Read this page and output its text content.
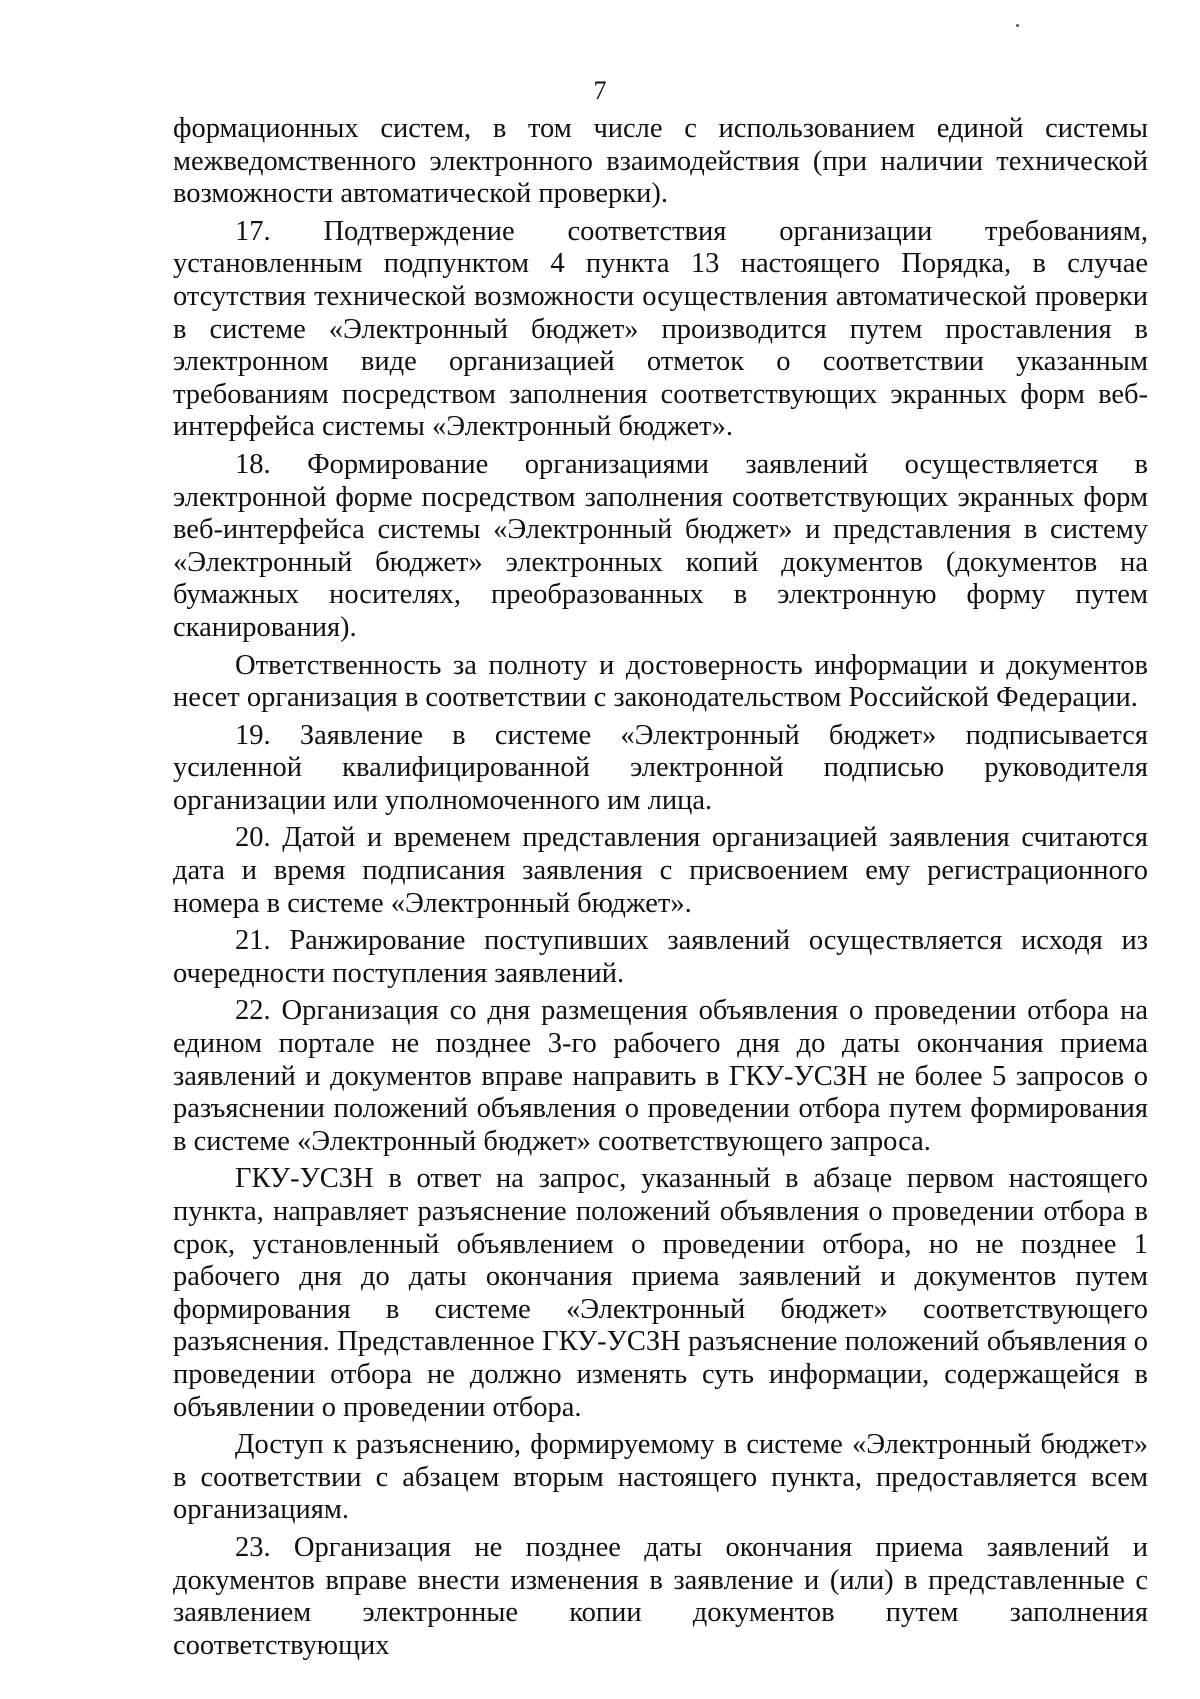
7

формационных систем, в том числе с использованием единой системы межведомственного электронного взаимодействия (при наличии технической возможности автоматической проверки).

17. Подтверждение соответствия организации требованиям, установленным подпунктом 4 пункта 13 настоящего Порядка, в случае отсутствия технической возможности осуществления автоматической проверки в системе «Электронный бюджет» производится путем проставления в электронном виде организацией отметок о соответствии указанным требованиям посредством заполнения соответствующих экранных форм веб-интерфейса системы «Электронный бюджет».

18. Формирование организациями заявлений осуществляется в электронной форме посредством заполнения соответствующих экранных форм веб-интерфейса системы «Электронный бюджет» и представления в систему «Электронный бюджет» электронных копий документов (документов на бумажных носителях, преобразованных в электронную форму путем сканирования).

Ответственность за полноту и достоверность информации и документов несет организация в соответствии с законодательством Российской Федерации.

19. Заявление в системе «Электронный бюджет» подписывается усиленной квалифицированной электронной подписью руководителя организации или уполномоченного им лица.

20. Датой и временем представления организацией заявления считаются дата и время подписания заявления с присвоением ему регистрационного номера в системе «Электронный бюджет».

21. Ранжирование поступивших заявлений осуществляется исходя из очередности поступления заявлений.

22. Организация со дня размещения объявления о проведении отбора на едином портале не позднее 3-го рабочего дня до даты окончания приема заявлений и документов вправе направить в ГКУ-УСЗН не более 5 запросов о разъяснении положений объявления о проведении отбора путем формирования в системе «Электронный бюджет» соответствующего запроса.

ГКУ-УСЗН в ответ на запрос, указанный в абзаце первом настоящего пункта, направляет разъяснение положений объявления о проведении отбора в срок, установленный объявлением о проведении отбора, но не позднее 1 рабочего дня до даты окончания приема заявлений и документов путем формирования в системе «Электронный бюджет» соответствующего разъяснения. Представленное ГКУ-УСЗН разъяснение положений объявления о проведении отбора не должно изменять суть информации, содержащейся в объявлении о проведении отбора.

Доступ к разъяснению, формируемому в системе «Электронный бюджет» в соответствии с абзацем вторым настоящего пункта, предоставляется всем организациям.

23. Организация не позднее даты окончания приема заявлений и документов вправе внести изменения в заявление и (или) в представленные с заявлением электронные копии документов путем заполнения соответствующих
